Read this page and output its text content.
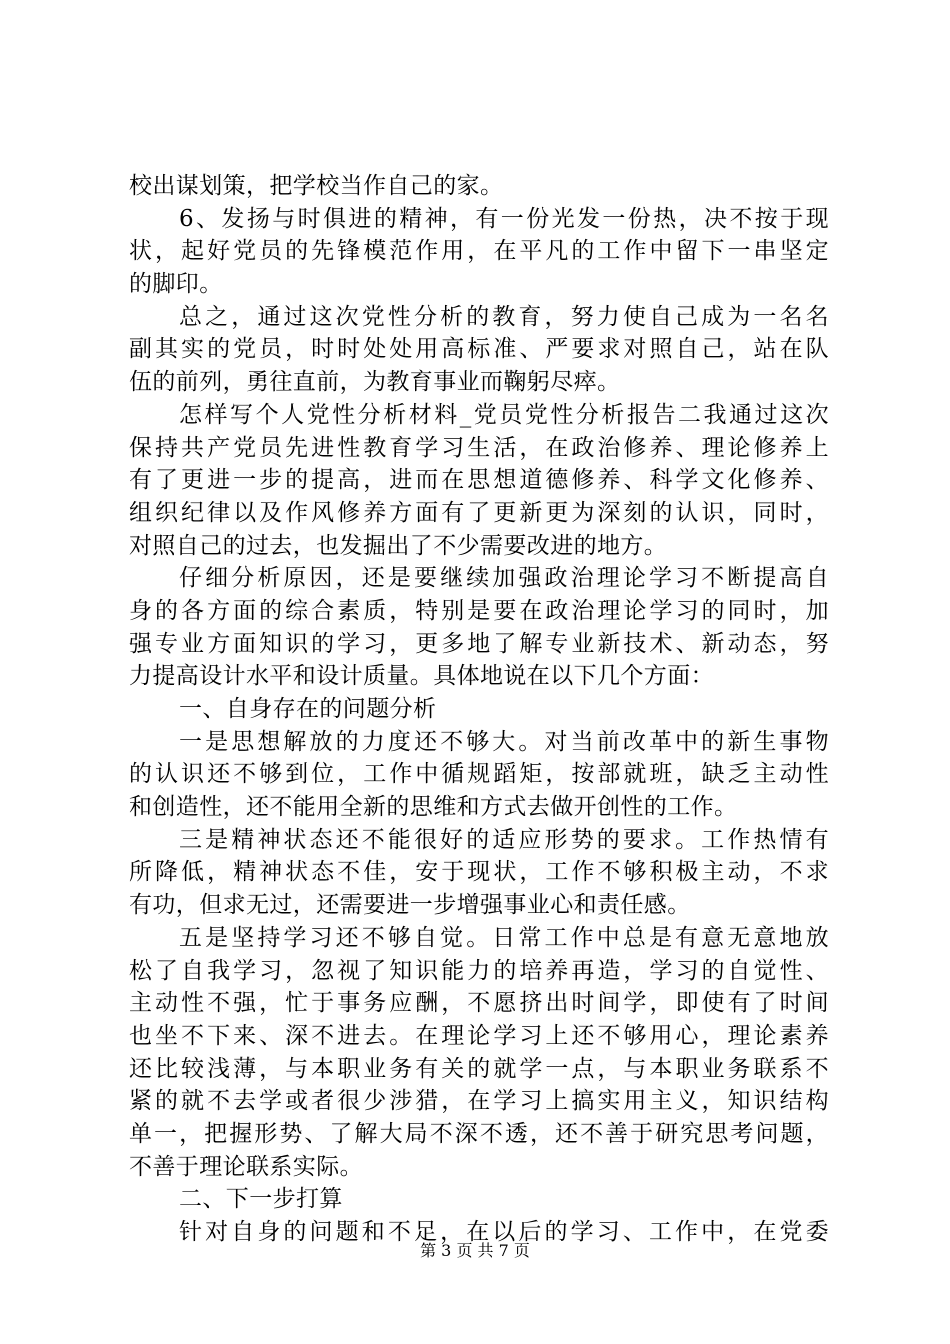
校出谋划策，把学校当作自己的家。
6、发扬与时俱进的精神，有一份光发一份热，决不按于现
状，起好党员的先锋模范作用，在平凡的工作中留下一串坚定
的脚印。
总之，通过这次党性分析的教育，努力使自己成为一名名
副其实的党员，时时处处用高标准、严要求对照自己，站在队
伍的前列，勇往直前，为教育事业而鞠躬尽瘁。
怎样写个人党性分析材料_党员党性分析报告二我通过这次
保持共产党员先进性教育学习生活，在政治修养、理论修养上
有了更进一步的提高，进而在思想道德修养、科学文化修养、
组织纪律以及作风修养方面有了更新更为深刻的认识，同时，
对照自己的过去，也发掘出了不少需要改进的地方。
仔细分析原因，还是要继续加强政治理论学习不断提高自
身的各方面的综合素质，特别是要在政治理论学习的同时，加
强专业方面知识的学习，更多地了解专业新技术、新动态，努
力提高设计水平和设计质量。具体地说在以下几个方面：
一、自身存在的问题分析
一是思想解放的力度还不够大。对当前改革中的新生事物
的认识还不够到位，工作中循规蹈矩，按部就班，缺乏主动性
和创造性，还不能用全新的思维和方式去做开创性的工作。
三是精神状态还不能很好的适应形势的要求。工作热情有
所降低，精神状态不佳，安于现状，工作不够积极主动，不求
有功，但求无过，还需要进一步增强事业心和责任感。
五是坚持学习还不够自觉。日常工作中总是有意无意地放
松了自我学习，忽视了知识能力的培养再造，学习的自觉性、
主动性不强，忙于事务应酬，不愿挤出时间学，即使有了时间
也坐不下来、深不进去。在理论学习上还不够用心，理论素养
还比较浅薄，与本职业务有关的就学一点，与本职业务联系不
紧的就不去学或者很少涉猎，在学习上搞实用主义，知识结构
单一，把握形势、了解大局不深不透，还不善于研究思考问题，
不善于理论联系实际。
二、下一步打算
针对自身的问题和不足，在以后的学习、工作中，在党委
第 3 页 共 7 页
